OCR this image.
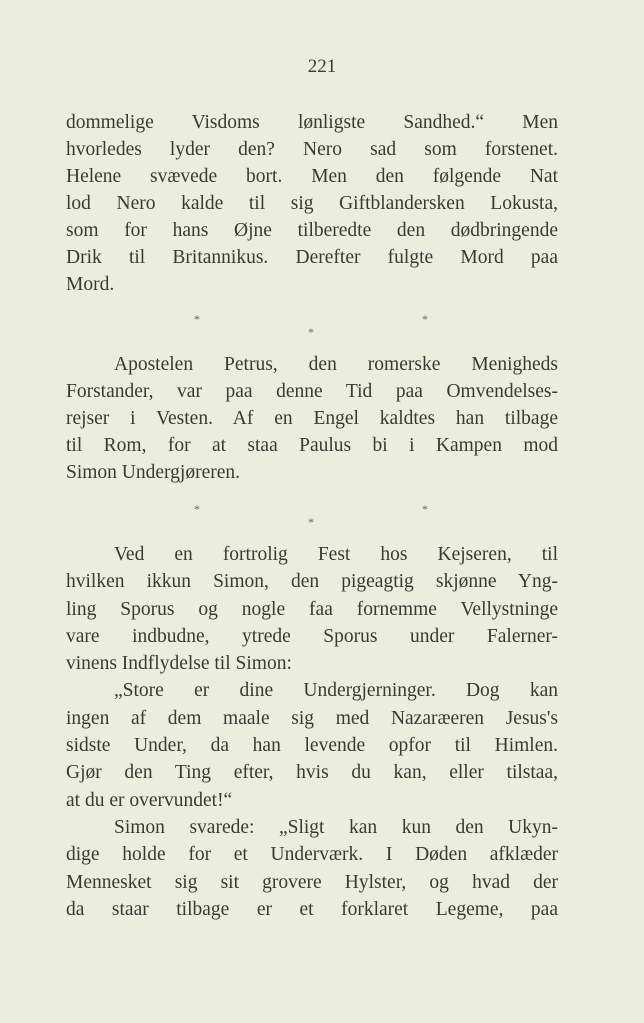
221
dommelige Visdoms lønligste Sandhed.“ Men
hvorledes lyder den? Nero sad som forstenet.
Helene svævede bort. Men den følgende Nat
lod Nero kalde til sig Giftblandersken Lokusta,
som for hans Øjne tilberedte den dødbringende
Drik til Britannikus. Derefter fulgte Mord paa
Mord.
*	*
*
Apostelen Petrus, den romerske Menigheds
Forstander, var paa denne Tid paa Omvendelses-
rejser i Vesten. Af en Engel kaldtes han tilbage
til Rom, for at staa Paulus bi i Kampen mod
Simon Undergjøreren.
*	*
*
Ved en fortrolig Fest hos Kejseren, til
hvilken ikkun Simon, den pigeagtig skjønne Yng-
ling Sporus og nogle faa fornemme Vellystninge
vare indbudne, ytrede Sporus under Falerner-
vinens Indflydelse til Simon:
„Store er dine Undergjerninger. Dog kan
ingen af dem maale sig med Nazaræeren Jesus's
sidste Under, da han levende opfor til Himlen.
Gjør den Ting efter, hvis du kan, eller tilstaa,
at du er overvundet!“
Simon svarede: „Sligt kan kun den Ukyn-
dige holde for et Underværk. I Døden afklæder
Mennesket sig sit grovere Hylster, og hvad der
da staar tilbage er et forklaret Legeme, paa
